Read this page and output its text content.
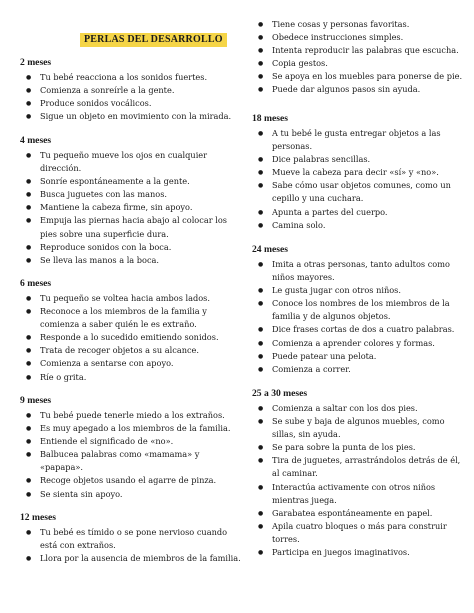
PERLAS DEL DESARROLLO
2 meses
● Tu bebé reacciona a los sonidos fuertes.
● Comienza a sonreírle a la gente.
● Produce sonidos vocálicos.
● Sigue un objeto en movimiento con la mirada.
4 meses
● Tu pequeño mueve los ojos en cualquier dirección.
● Sonríe espontáneamente a la gente.
● Busca juguetes con las manos.
● Mantiene la cabeza firme, sin apoyo.
● Empuja las piernas hacia abajo al colocar los pies sobre una superficie dura.
● Reproduce sonidos con la boca.
● Se lleva las manos a la boca.
6 meses
● Tu pequeño se voltea hacia ambos lados.
● Reconoce a los miembros de la familia y comienza a saber quién le es extraño.
● Responde a lo sucedido emitiendo sonidos.
● Trata de recoger objetos a su alcance.
● Comienza a sentarse con apoyo.
● Ríe o grita.
9 meses
● Tu bebé puede tenerle miedo a los extraños.
● Es muy apegado a los miembros de la familia.
● Entiende el significado de «no».
● Balbucea palabras como «mamama» y «papapa».
● Recoge objetos usando el agarre de pinza.
● Se sienta sin apoyo.
12 meses
● Tu bebé es tímido o se pone nervioso cuando está con extraños.
● Llora por la ausencia de miembros de la familia.
● Tiene cosas y personas favoritas.
● Obedece instrucciones simples.
● Intenta reproducir las palabras que escucha.
● Copia gestos.
● Se apoya en los muebles para ponerse de pie.
● Puede dar algunos pasos sin ayuda.
18 meses
● A tu bebé le gusta entregar objetos a las personas.
● Dice palabras sencillas.
● Mueve la cabeza para decir «sí» y «no».
● Sabe cómo usar objetos comunes, como un cepillo y una cuchara.
● Apunta a partes del cuerpo.
● Camina solo.
24 meses
● Imita a otras personas, tanto adultos como niños mayores.
● Le gusta jugar con otros niños.
● Conoce los nombres de los miembros de la familia y de algunos objetos.
● Dice frases cortas de dos a cuatro palabras.
● Comienza a aprender colores y formas.
● Puede patear una pelota.
● Comienza a correr.
25 a 30 meses
● Comienza a saltar con los dos pies.
● Se sube y baja de algunos muebles, como sillas, sin ayuda.
● Se para sobre la punta de los pies.
● Tira de juguetes, arrastrándolos detrás de él, al caminar.
● Interactúa activamente con otros niños mientras juega.
● Garabatea espontáneamente en papel.
● Apila cuatro bloques o más para construir torres.
● Participa en juegos imaginativos.
